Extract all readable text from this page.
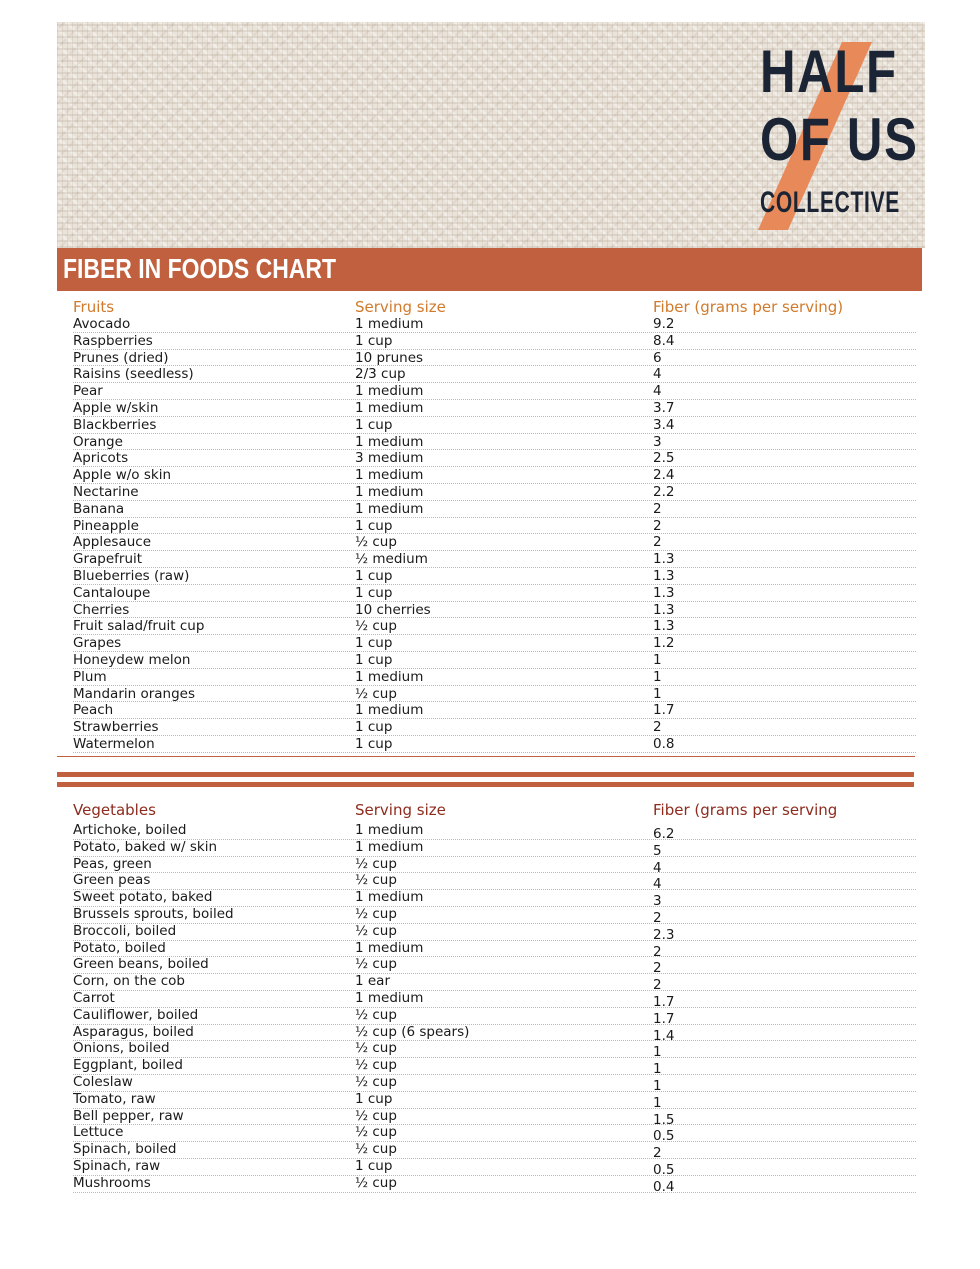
HALF
OF US
COLLECTIVE
FIBER IN FOODS CHART
Fruits	Serving size	Fiber (grams per serving)
Avocado	1 medium	9.2
Raspberries	1 cup	8.4
Prunes (dried)	10 prunes	6
Raisins (seedless)	2/3 cup	4
Pear	1 medium	4
Apple w/skin	1 medium	3.7
Blackberries	1 cup	3.4
Orange	1 medium	3
Apricots	3 medium	2.5
Apple w/o skin	1 medium	2.4
Nectarine	1 medium	2.2
Banana	1 medium	2
Pineapple	1 cup	2
Applesauce	½ cup	2
Grapefruit	½ medium	1.3
Blueberries (raw)	1 cup	1.3
Cantaloupe	1 cup	1.3
Cherries	10 cherries	1.3
Fruit salad/fruit cup	½ cup	1.3
Grapes	1 cup	1.2
Honeydew melon	1 cup	1
Plum	1 medium	1
Mandarin oranges	½ cup	1
Peach	1 medium	1.7
Strawberries	1 cup	2
Watermelon	1 cup	0.8
Vegetables	Serving size	Fiber (grams per serving
Artichoke, boiled	1 medium	6.2
Potato, baked w/ skin	1 medium	5
Peas, green	½ cup	4
Green peas	½ cup	4
Sweet potato, baked	1 medium	3
Brussels sprouts, boiled	½ cup	2
Broccoli, boiled	½ cup	2.3
Potato, boiled	1 medium	2
Green beans, boiled	½ cup	2
Corn, on the cob	1 ear	2
Carrot	1 medium	1.7
Cauliflower, boiled	½ cup	1.7
Asparagus, boiled	½ cup (6 spears)	1.4
Onions, boiled	½ cup	1
Eggplant, boiled	½ cup	1
Coleslaw	½ cup	1
Tomato, raw	1 cup	1
Bell pepper, raw	½ cup	1.5
Lettuce	½ cup	0.5
Spinach, boiled	½ cup	2
Spinach, raw	1 cup	0.5
Mushrooms	½ cup	0.4
